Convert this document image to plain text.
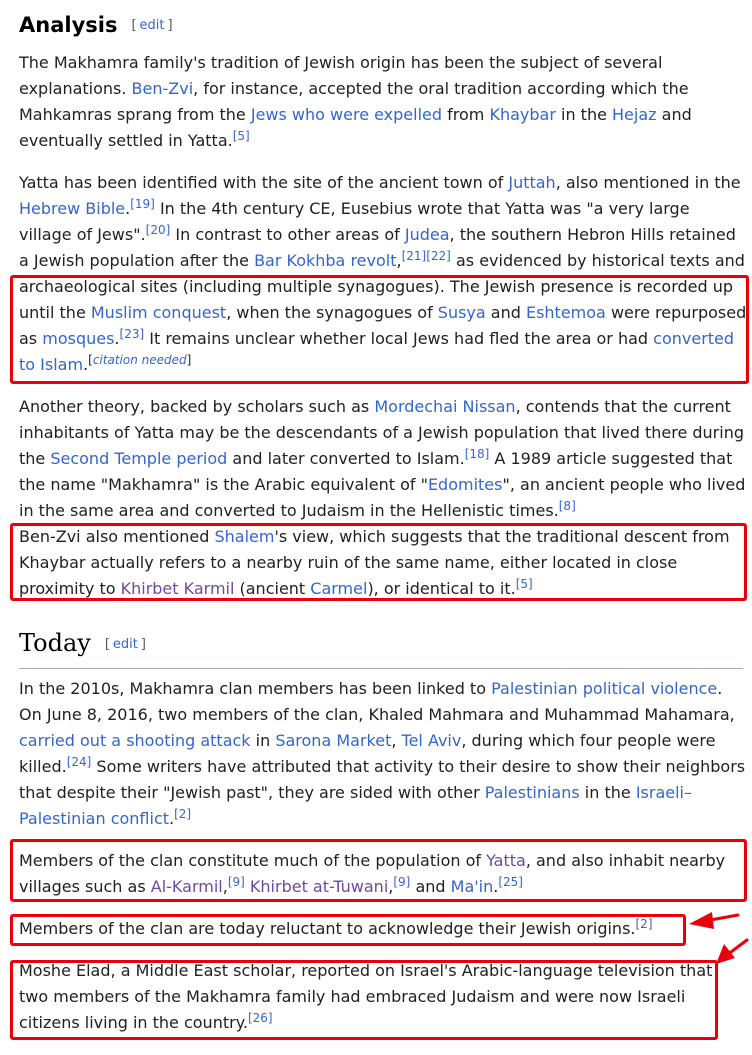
Analysis [ edit ]

The Makhamra family's tradition of Jewish origin has been the subject of several explanations. Ben-Zvi, for instance, accepted the oral tradition according which the Mahkamras sprang from the Jews who were expelled from Khaybar in the Hejaz and eventually settled in Yatta.[5]

Yatta has been identified with the site of the ancient town of Juttah, also mentioned in the Hebrew Bible.[19] In the 4th century CE, Eusebius wrote that Yatta was "a very large village of Jews".[20] In contrast to other areas of Judea, the southern Hebron Hills retained a Jewish population after the Bar Kokhba revolt,[21][22] as evidenced by historical texts and archaeological sites (including multiple synagogues). The Jewish presence is recorded up until the Muslim conquest, when the synagogues of Susya and Eshtemoa were repurposed as mosques.[23] It remains unclear whether local Jews had fled the area or had converted to Islam.[citation needed]

Another theory, backed by scholars such as Mordechai Nissan, contends that the current inhabitants of Yatta may be the descendants of a Jewish population that lived there during the Second Temple period and later converted to Islam.[18] A 1989 article suggested that the name "Makhamra" is the Arabic equivalent of "Edomites", an ancient people who lived in the same area and converted to Judaism in the Hellenistic times.[8]

Ben-Zvi also mentioned Shalem's view, which suggests that the traditional descent from Khaybar actually refers to a nearby ruin of the same name, either located in close proximity to Khirbet Karmil (ancient Carmel), or identical to it.[5]

Today [ edit ]

In the 2010s, Makhamra clan members has been linked to Palestinian political violence. On June 8, 2016, two members of the clan, Khaled Mahmara and Muhammad Mahamara, carried out a shooting attack in Sarona Market, Tel Aviv, during which four people were killed.[24] Some writers have attributed that activity to their desire to show their neighbors that despite their "Jewish past", they are sided with other Palestinians in the Israeli–Palestinian conflict.[2]

Members of the clan constitute much of the population of Yatta, and also inhabit nearby villages such as Al-Karmil,[9] Khirbet at-Tuwani,[9] and Ma'in.[25]

Members of the clan are today reluctant to acknowledge their Jewish origins.[2]

Moshe Elad, a Middle East scholar, reported on Israel's Arabic-language television that two members of the Makhamra family had embraced Judaism and were now Israeli citizens living in the country.[26]
